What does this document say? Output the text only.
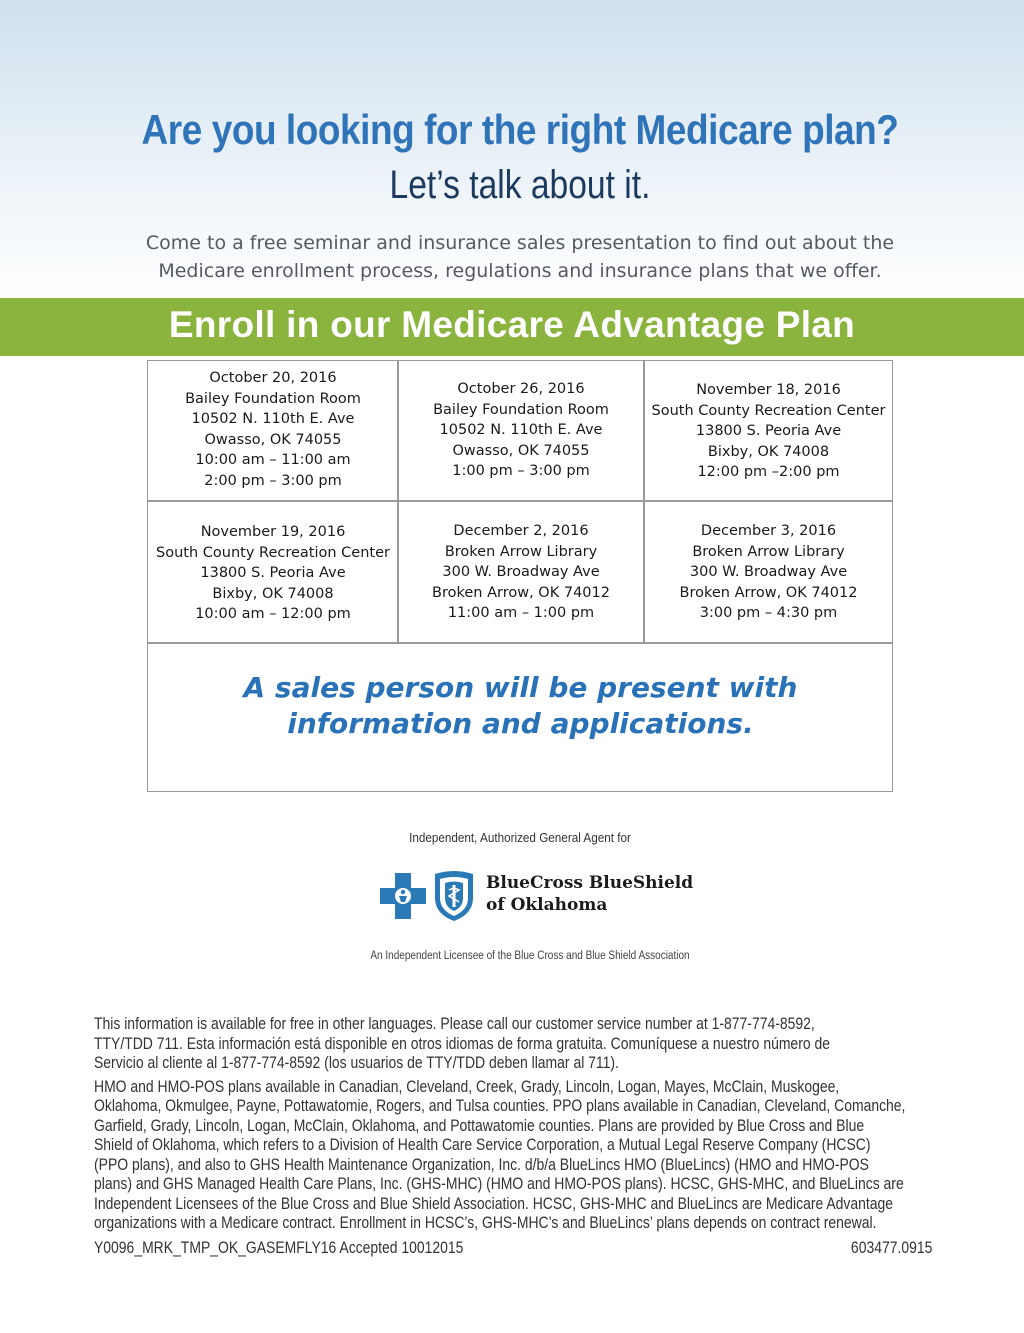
Are you looking for the right Medicare plan?
Let’s talk about it.
Come to a free seminar and insurance sales presentation to find out about the
Medicare enrollment process, regulations and insurance plans that we offer.
Enroll in our Medicare Advantage Plan
October 20, 2016
Bailey Foundation Room
10502 N. 110th E. Ave
Owasso, OK 74055
10:00 am – 11:00 am
2:00 pm – 3:00 pm
October 26, 2016
Bailey Foundation Room
10502 N. 110th E. Ave
Owasso, OK 74055
1:00 pm – 3:00 pm
November 18, 2016
South County Recreation Center
13800 S. Peoria Ave
Bixby, OK 74008
12:00 pm –2:00 pm
November 19, 2016
South County Recreation Center
13800 S. Peoria Ave
Bixby, OK 74008
10:00 am – 12:00 pm
December 2, 2016
Broken Arrow Library
300 W. Broadway Ave
Broken Arrow, OK 74012
11:00 am – 1:00 pm
December 3, 2016
Broken Arrow Library
300 W. Broadway Ave
Broken Arrow, OK 74012
3:00 pm – 4:30 pm
A sales person will be present with
information and applications.
Independent, Authorized General Agent for
BlueCross BlueShield
of Oklahoma
An Independent Licensee of the Blue Cross and Blue Shield Association
This information is available for free in other languages. Please call our customer service number at 1-877-774-8592,
TTY/TDD 711. Esta información está disponible en otros idiomas de forma gratuita. Comuníquese a nuestro número de
Servicio al cliente al 1-877-774-8592 (los usuarios de TTY/TDD deben llamar al 711).
HMO and HMO-POS plans available in Canadian, Cleveland, Creek, Grady, Lincoln, Logan, Mayes, McClain, Muskogee,
Oklahoma, Okmulgee, Payne, Pottawatomie, Rogers, and Tulsa counties. PPO plans available in Canadian, Cleveland, Comanche,
Garfield, Grady, Lincoln, Logan, McClain, Oklahoma, and Pottawatomie counties. Plans are provided by Blue Cross and Blue
Shield of Oklahoma, which refers to a Division of Health Care Service Corporation, a Mutual Legal Reserve Company (HCSC)
(PPO plans), and also to GHS Health Maintenance Organization, Inc. d/b/a BlueLincs HMO (BlueLincs) (HMO and HMO-POS
plans) and GHS Managed Health Care Plans, Inc. (GHS-MHC) (HMO and HMO-POS plans). HCSC, GHS-MHC, and BlueLincs are
Independent Licensees of the Blue Cross and Blue Shield Association. HCSC, GHS-MHC and BlueLincs are Medicare Advantage
organizations with a Medicare contract. Enrollment in HCSC’s, GHS-MHC’s and BlueLincs’ plans depends on contract renewal.
Y0096_MRK_TMP_OK_GASEMFLY16 Accepted 10012015	603477.0915
